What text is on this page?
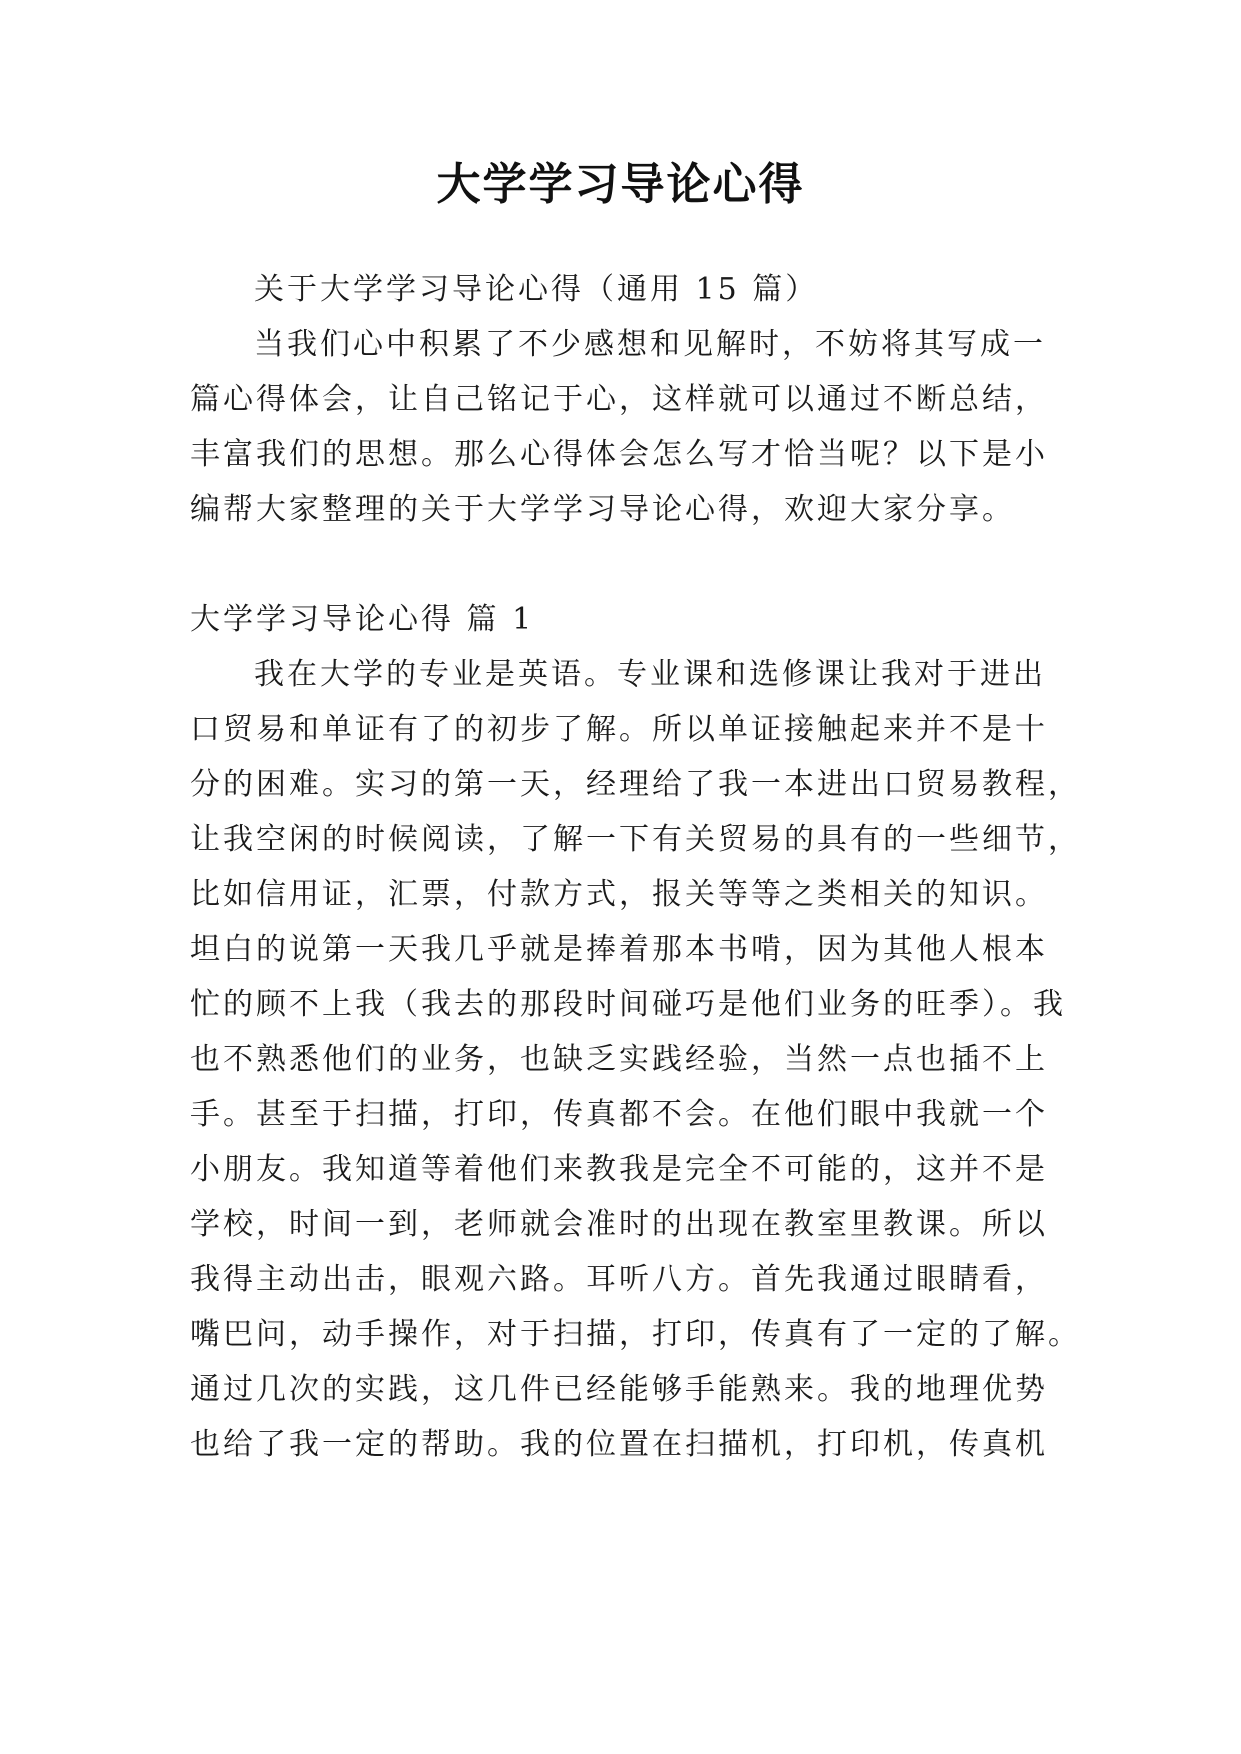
大学学习导论心得

关于大学学习导论心得（通用 15 篇）

当我们心中积累了不少感想和见解时，不妨将其写成一
篇心得体会，让自己铭记于心，这样就可以通过不断总结，
丰富我们的思想。那么心得体会怎么写才恰当呢？以下是小
编帮大家整理的关于大学学习导论心得，欢迎大家分享。

大学学习导论心得 篇 1

我在大学的专业是英语。专业课和选修课让我对于进出
口贸易和单证有了的初步了解。所以单证接触起来并不是十
分的困难。实习的第一天，经理给了我一本进出口贸易教程，
让我空闲的时候阅读，了解一下有关贸易的具有的一些细节，
比如信用证，汇票，付款方式，报关等等之类相关的知识。
坦白的说第一天我几乎就是捧着那本书啃，因为其他人根本
忙的顾不上我（我去的那段时间碰巧是他们业务的旺季）。我
也不熟悉他们的业务，也缺乏实践经验，当然一点也插不上
手。甚至于扫描，打印，传真都不会。在他们眼中我就一个
小朋友。我知道等着他们来教我是完全不可能的，这并不是
学校，时间一到，老师就会准时的出现在教室里教课。所以
我得主动出击，眼观六路。耳听八方。首先我通过眼睛看，
嘴巴问，动手操作，对于扫描，打印，传真有了一定的了解。
通过几次的实践，这几件已经能够手能熟来。我的地理优势
也给了我一定的帮助。我的位置在扫描机，打印机，传真机
